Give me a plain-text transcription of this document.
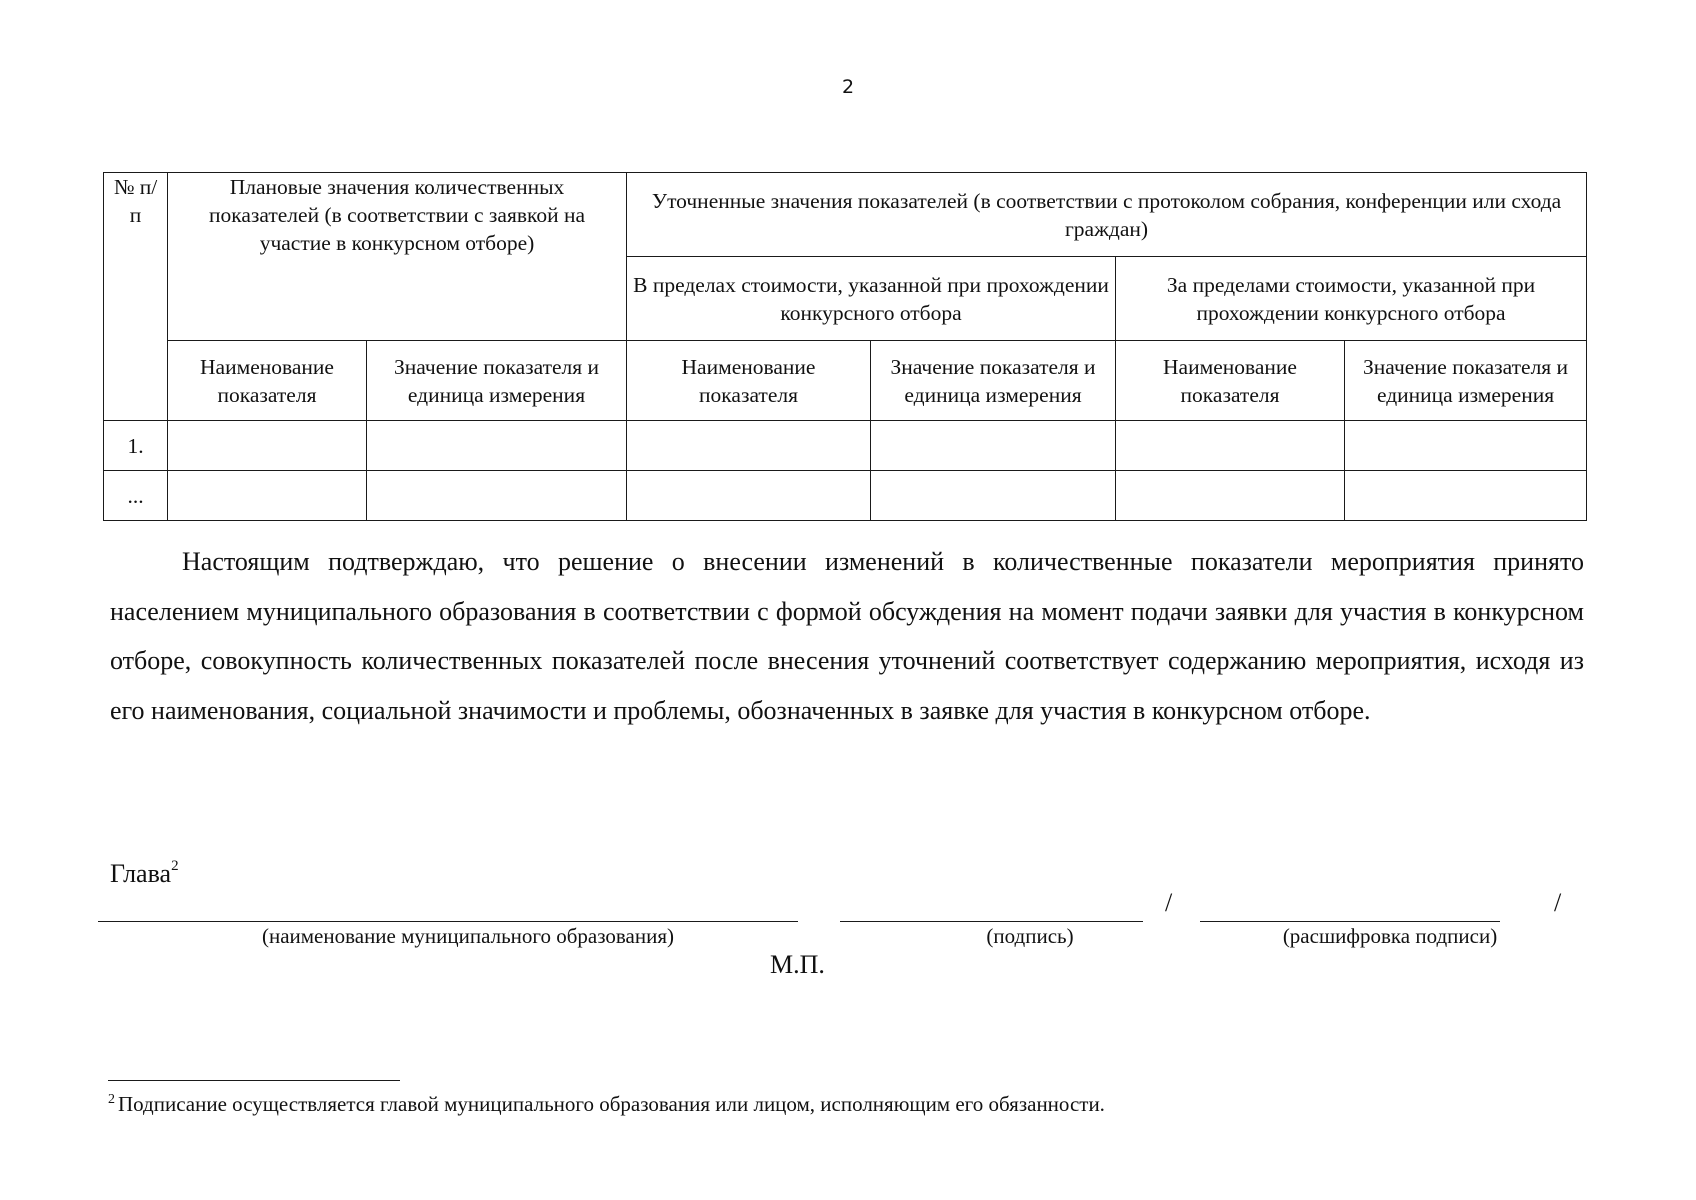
2
№ п/п	Плановые значения количественных показателей (в соответствии с заявкой на участие в конкурсном отборе)		Уточненные значения показателей (в соответствии с протоколом собрания, конференции или схода граждан)			
			В пределах стоимости, указанной при прохождении конкурсного отбора		За пределами стоимости, указанной при прохождении конкурсного отбора	
	Наименование показателя	Значение показателя и единица измерения	Наименование показателя	Значение показателя и единица измерения	Наименование показателя	Значение показателя и единица измерения
1.						
...						

Настоящим подтверждаю, что решение о внесении изменений в количественные показатели мероприятия принято населением муниципального образования в соответствии с формой обсуждения на момент подачи заявки для участия в конкурсном отборе, совокупность количественных показателей после внесения уточнений соответствует содержанию мероприятия, исходя из его наименования, социальной значимости и проблемы, обозначенных в заявке для участия в конкурсном отборе.

Глава$^2$
/	/
(наименование муниципального образования)	(подпись)	(расшифровка подписи)
М.П.
$^2$ Подписание осуществляется главой муниципального образования или лицом, исполняющим его обязанности.
